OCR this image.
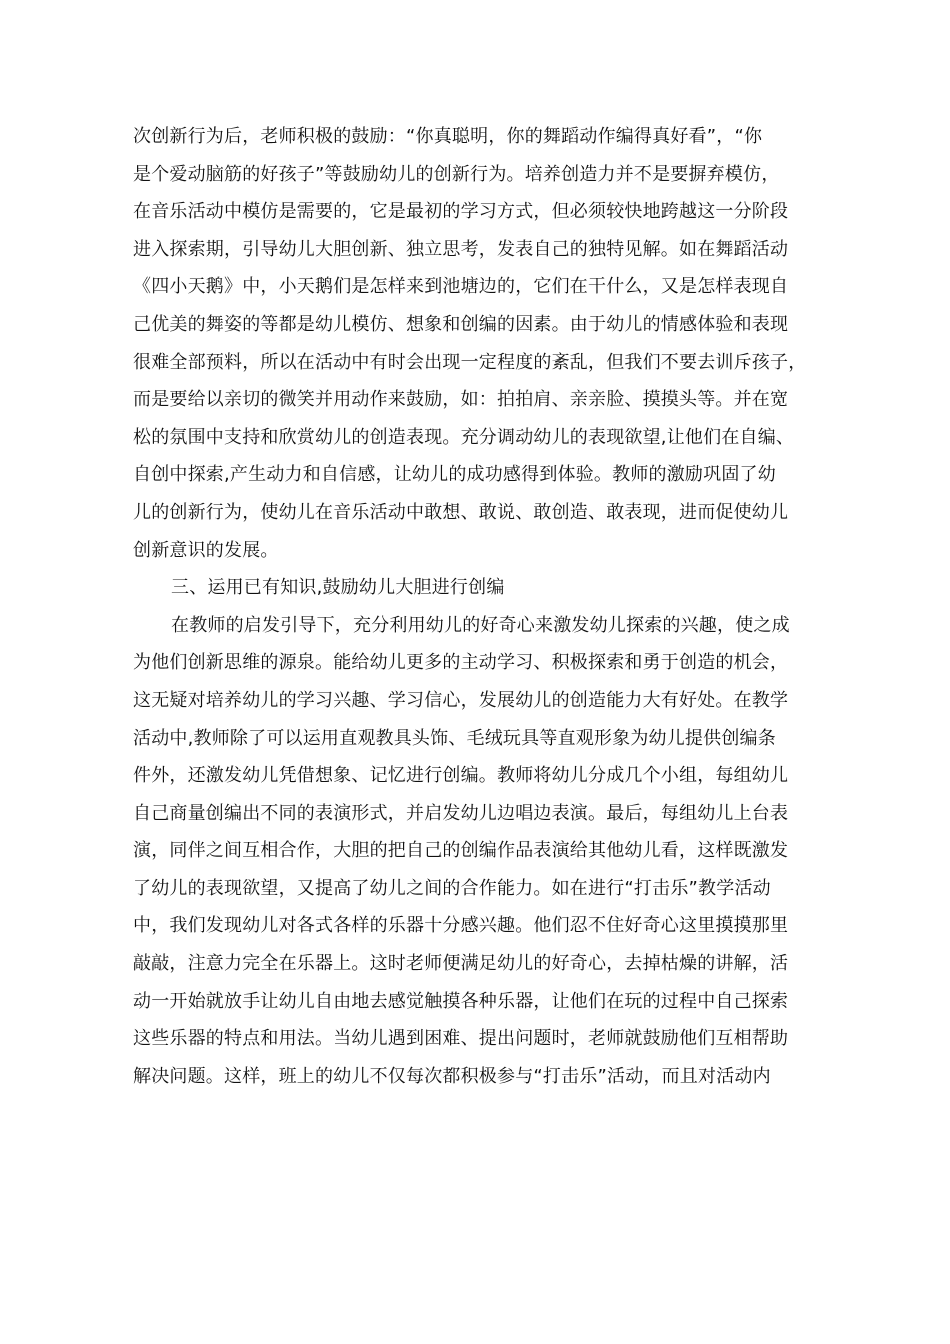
次创新行为后，老师积极的鼓励：“你真聪明，你的舞蹈动作编得真好看”，“你
是个爱动脑筋的好孩子”等鼓励幼儿的创新行为。培养创造力并不是要摒弃模仿，
在音乐活动中模仿是需要的，它是最初的学习方式，但必须较快地跨越这一分阶段
进入探索期，引导幼儿大胆创新、独立思考，发表自己的独特见解。如在舞蹈活动
《四小天鹅》中，小天鹅们是怎样来到池塘边的，它们在干什么，又是怎样表现自
己优美的舞姿的等都是幼儿模仿、想象和创编的因素。由于幼儿的情感体验和表现
很难全部预料，所以在活动中有时会出现一定程度的紊乱，但我们不要去训斥孩子，
而是要给以亲切的微笑并用动作来鼓励，如：拍拍肩、亲亲脸、摸摸头等。并在宽
松的氛围中支持和欣赏幼儿的创造表现。充分调动幼儿的表现欲望,让他们在自编、
自创中探索,产生动力和自信感，让幼儿的成功感得到体验。教师的激励巩固了幼
儿的创新行为，使幼儿在音乐活动中敢想、敢说、敢创造、敢表现，进而促使幼儿
创新意识的发展。
三、运用已有知识,鼓励幼儿大胆进行创编
在教师的启发引导下，充分利用幼儿的好奇心来激发幼儿探索的兴趣，使之成
为他们创新思维的源泉。能给幼儿更多的主动学习、积极探索和勇于创造的机会，
这无疑对培养幼儿的学习兴趣、学习信心，发展幼儿的创造能力大有好处。在教学
活动中,教师除了可以运用直观教具头饰、毛绒玩具等直观形象为幼儿提供创编条
件外，还激发幼儿凭借想象、记忆进行创编。教师将幼儿分成几个小组，每组幼儿
自己商量创编出不同的表演形式，并启发幼儿边唱边表演。最后，每组幼儿上台表
演，同伴之间互相合作，大胆的把自己的创编作品表演给其他幼儿看，这样既激发
了幼儿的表现欲望，又提高了幼儿之间的合作能力。如在进行“打击乐”教学活动
中，我们发现幼儿对各式各样的乐器十分感兴趣。他们忍不住好奇心这里摸摸那里
敲敲，注意力完全在乐器上。这时老师便满足幼儿的好奇心，去掉枯燥的讲解，活
动一开始就放手让幼儿自由地去感觉触摸各种乐器，让他们在玩的过程中自己探索
这些乐器的特点和用法。当幼儿遇到困难、提出问题时，老师就鼓励他们互相帮助
解决问题。这样，班上的幼儿不仅每次都积极参与“打击乐”活动，而且对活动内
